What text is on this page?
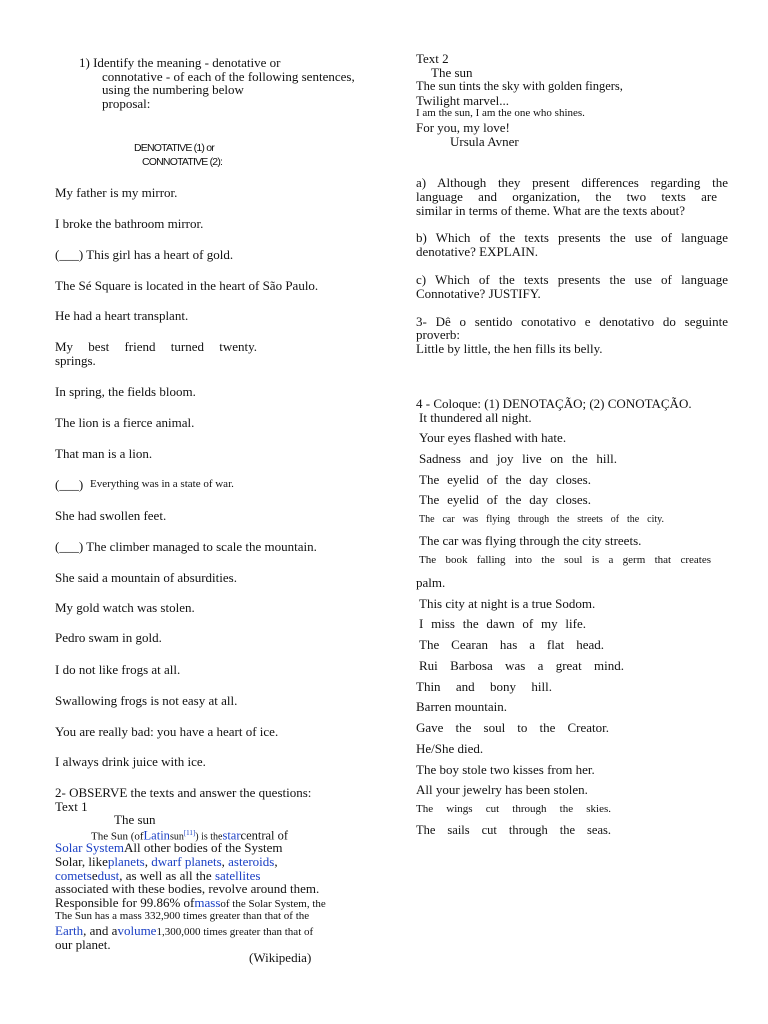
1) Identify the meaning - denotative or
connotative - of each of the following sentences,
using the numbering below
proposal:
DENOTATIVE (1) or
CONNOTATIVE (2):
My father is my mirror.
I broke the bathroom mirror.
(___) This girl has a heart of gold.
The Sé Square is located in the heart of São Paulo.
He had a heart transplant.
My best friend turned twenty.
springs.
In spring, the fields bloom.
The lion is a fierce animal.
That man is a lion.
(___) Everything was in a state of war.
She had swollen feet.
(___) The climber managed to scale the mountain.
She said a mountain of absurdities.
My gold watch was stolen.
Pedro swam in gold.
I do not like frogs at all.
Swallowing frogs is not easy at all.
You are really bad: you have a heart of ice.
I always drink juice with ice.
2- OBSERVE the texts and answer the questions:
Text 1
The sun
The Sun (ofLatinsun[11]) is thestarcentral of
Solar SystemAll other bodies of the System
Solar, likeplanets, dwarf planets, asteroids,
cometsedust, as well as all the satellites
associated with these bodies, revolve around them.
Responsible for 99.86% ofmassof the Solar System, the
The Sun has a mass 332,900 times greater than that of the
Earth, and avolume1,300,000 times greater than that of
our planet.
(Wikipedia)
Text 2
The sun
The sun tints the sky with golden fingers,
Twilight marvel...
I am the sun, I am the one who shines.
For you, my love!
Ursula Avner
a) Although they present differences regarding the
language and organization, the two texts are
similar in terms of theme. What are the texts about?
b) Which of the texts presents the use of language
denotative? EXPLAIN.
c) Which of the texts presents the use of language
Connotative? JUSTIFY.
3- Dê o sentido conotativo e denotativo do seguinte
proverb:
Little by little, the hen fills its belly.
4 - Coloque: (1) DENOTAÇÃO; (2) CONOTAÇÃO.
It thundered all night.
Your eyes flashed with hate.
Sadness and joy live on the hill.
The eyelid of the day closes.
The eyelid of the day closes.
The car was flying through the streets of the city.
The car was flying through the city streets.
The book falling into the soul is a germ that creates
palm.
This city at night is a true Sodom.
I miss the dawn of my life.
The Cearan has a flat head.
Rui Barbosa was a great mind.
Thin and bony hill.
Barren mountain.
Gave the soul to the Creator.
He/She died.
The boy stole two kisses from her.
All your jewelry has been stolen.
The wings cut through the skies.
The sails cut through the seas.
